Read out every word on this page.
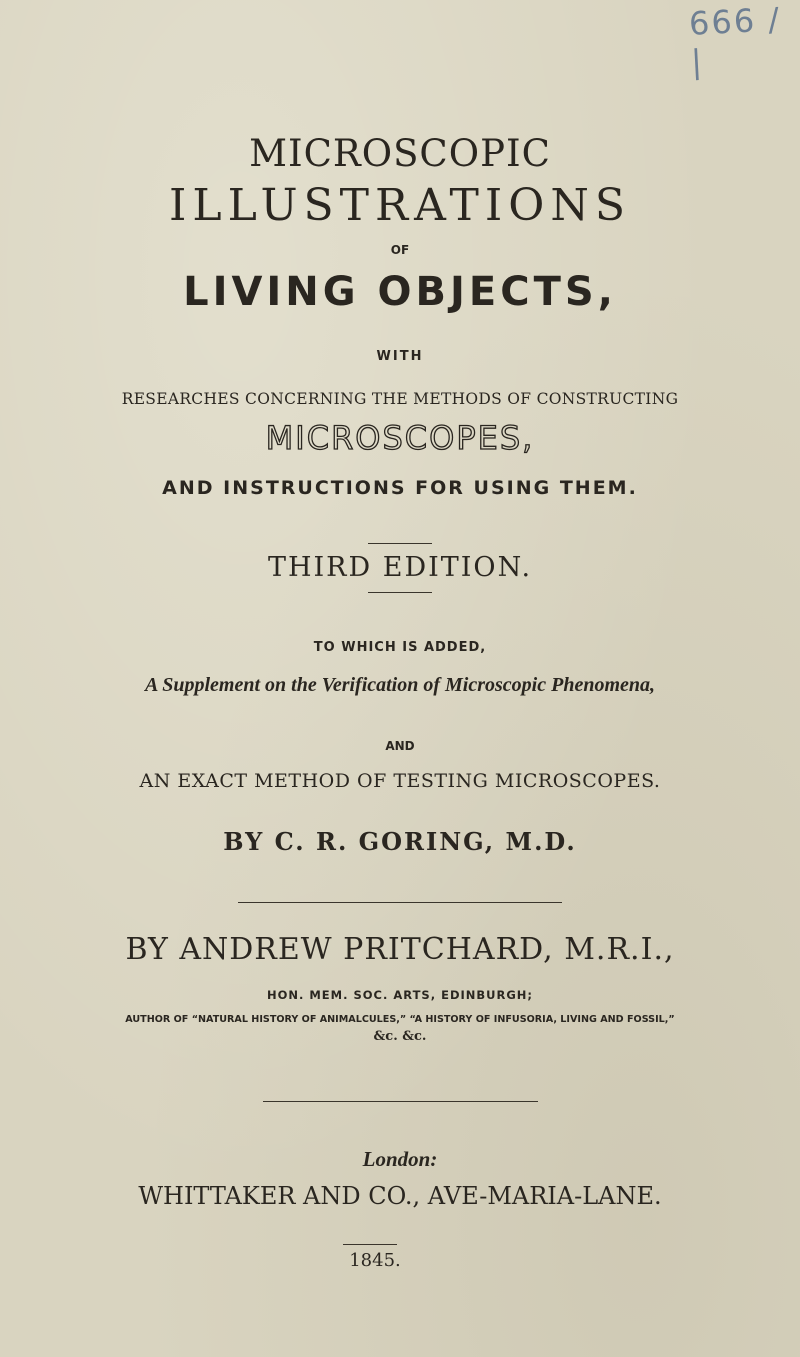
666 / |
MICROSCOPIC
ILLUSTRATIONS
OF
LIVING OBJECTS,
WITH
RESEARCHES CONCERNING THE METHODS OF CONSTRUCTING
MICROSCOPES,
AND INSTRUCTIONS FOR USING THEM.
THIRD EDITION.
TO WHICH IS ADDED,
A Supplement on the Verification of Microscopic Phenomena,
AND
AN EXACT METHOD OF TESTING MICROSCOPES.
BY C. R. GORING, M.D.
BY ANDREW PRITCHARD, M.R.I.,
HON. MEM. SOC. ARTS, EDINBURGH;
AUTHOR OF “NATURAL HISTORY OF ANIMALCULES,” “A HISTORY OF INFUSORIA, LIVING AND FOSSIL,”
&c. &c.
London:
WHITTAKER AND CO., AVE-MARIA-LANE.
1845.
